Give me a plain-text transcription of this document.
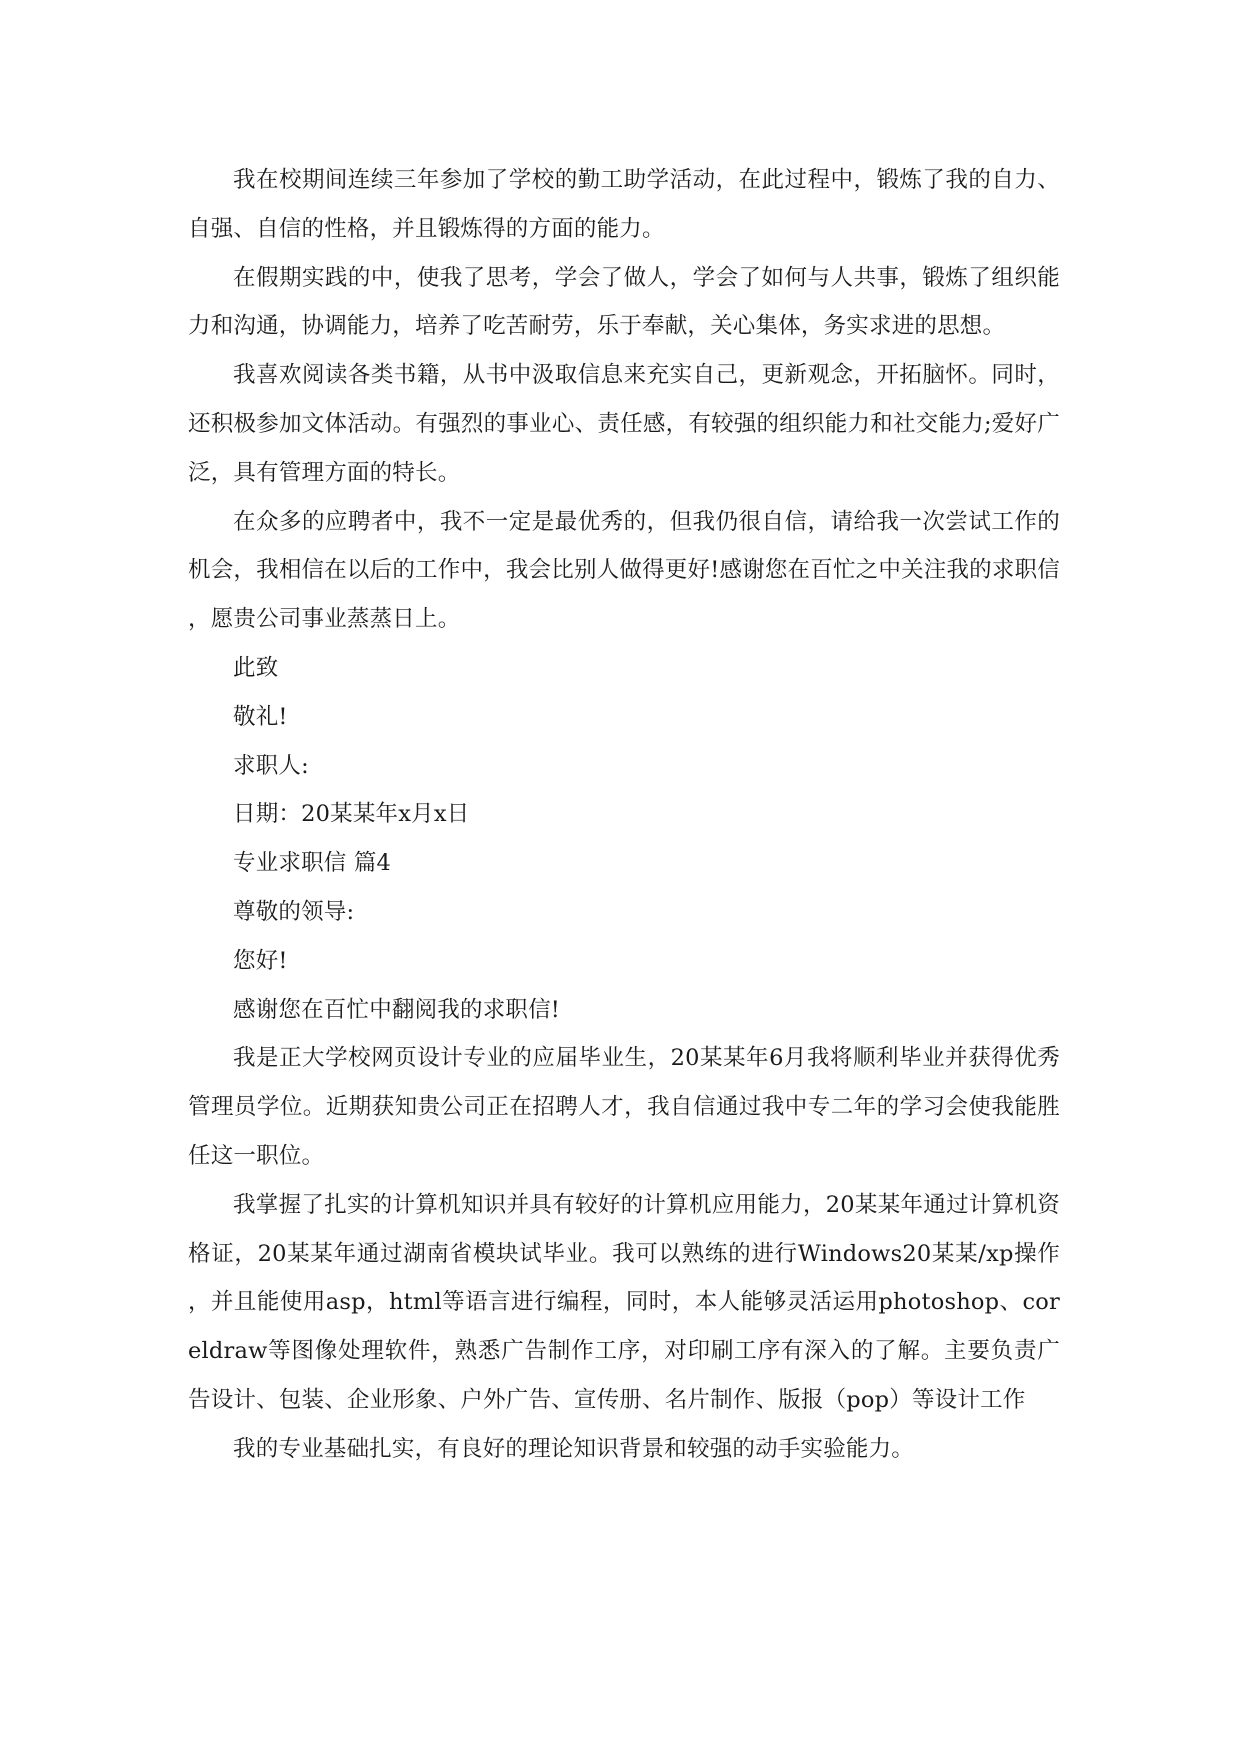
我在校期间连续三年参加了学校的勤工助学活动，在此过程中，锻炼了我的自力、自强、自信的性格，并且锻炼得的方面的能力。

在假期实践的中，使我了思考，学会了做人，学会了如何与人共事，锻炼了组织能力和沟通，协调能力，培养了吃苦耐劳，乐于奉献，关心集体，务实求进的思想。

我喜欢阅读各类书籍，从书中汲取信息来充实自己，更新观念，开拓脑怀。同时，还积极参加文体活动。有强烈的事业心、责任感，有较强的组织能力和社交能力;爱好广泛，具有管理方面的特长。

在众多的应聘者中，我不一定是最优秀的，但我仍很自信，请给我一次尝试工作的机会，我相信在以后的工作中，我会比别人做得更好!感谢您在百忙之中关注我的求职信，愿贵公司事业蒸蒸日上。

此致

敬礼!

求职人:

日期：20某某年x月x日

专业求职信 篇4

尊敬的领导:

您好!

感谢您在百忙中翻阅我的求职信!

我是正大学校网页设计专业的应届毕业生，20某某年6月我将顺利毕业并获得优秀管理员学位。近期获知贵公司正在招聘人才，我自信通过我中专二年的学习会使我能胜任这一职位。

我掌握了扎实的计算机知识并具有较好的计算机应用能力，20某某年通过计算机资格证，20某某年通过湖南省模块试毕业。我可以熟练的进行Windows20某某/xp操作，并且能使用asp，html等语言进行编程，同时，本人能够灵活运用photoshop、coreldraw等图像处理软件，熟悉广告制作工序，对印刷工序有深入的了解。主要负责广告设计、包装、企业形象、户外广告、宣传册、名片制作、版报（pop）等设计工作

我的专业基础扎实，有良好的理论知识背景和较强的动手实验能力。
